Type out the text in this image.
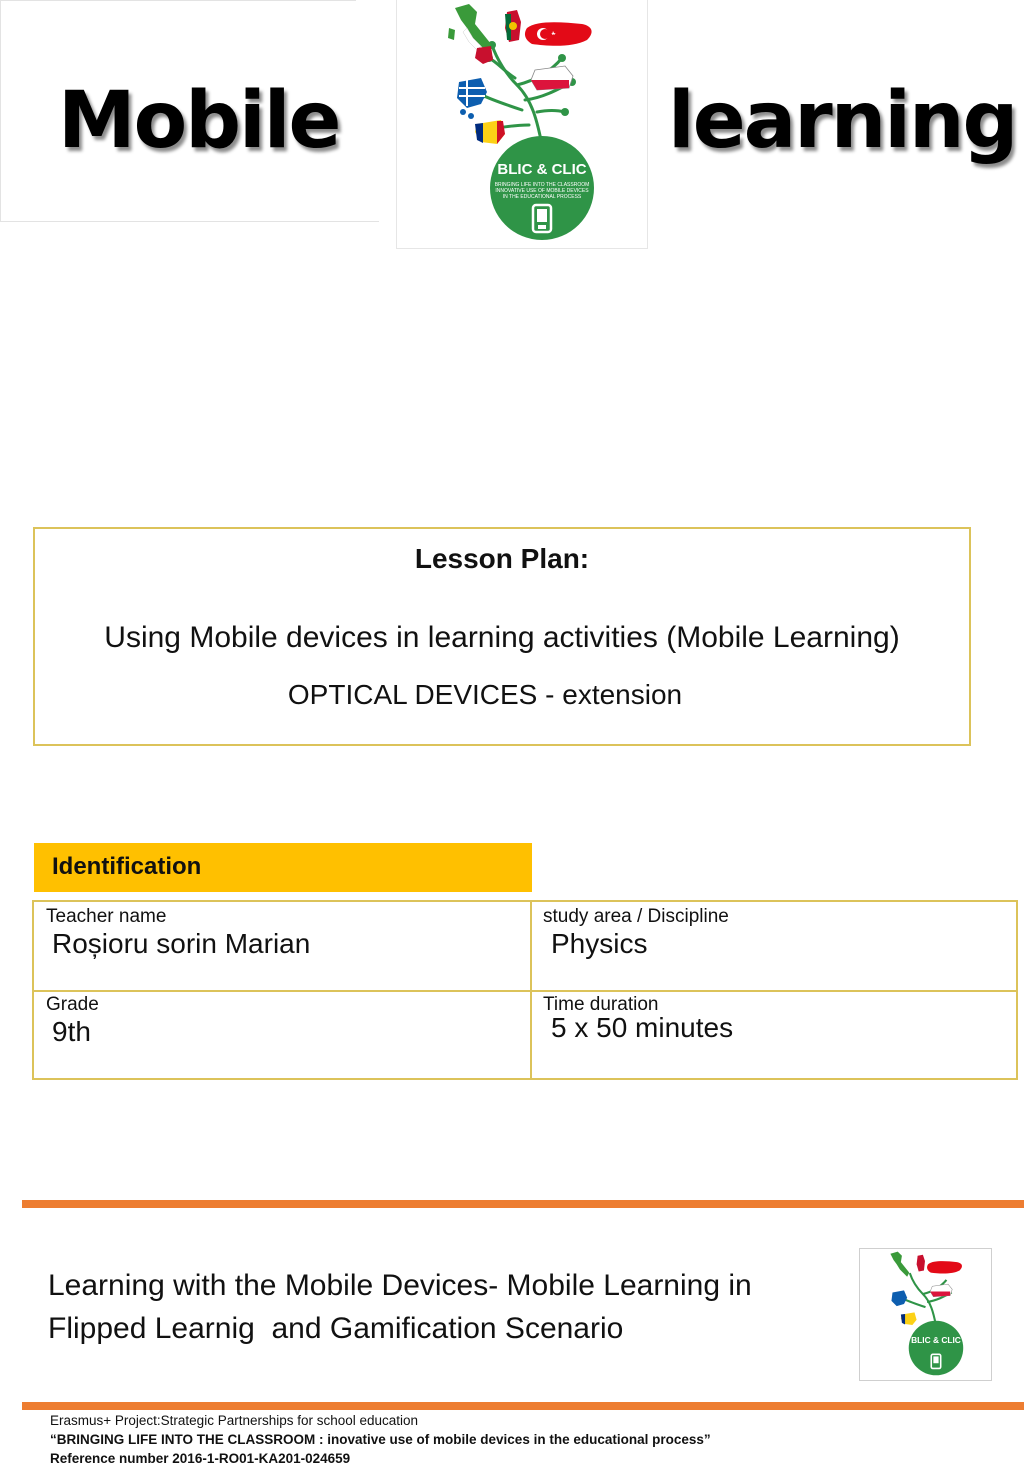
Mobile	learning
BLIC & CLIC
BRINGING LIFE INTO THE CLASSROOM
INNOVATIVE USE OF MOBILE DEVICES
IN THE EDUCATIONAL PROCESS
Lesson Plan:
Using Mobile devices in learning activities (Mobile Learning)
OPTICAL DEVICES - extension
Identification
Teacher name
Roșioru sorin Marian
study area / Discipline
Physics
Grade
9th
Time duration
5 x 50 minutes
Learning with the Mobile Devices- Mobile Learning in
Flipped Learnig  and Gamification Scenario	BLIC & CLIC
Erasmus+ Project:Strategic Partnerships for school education
“BRINGING LIFE INTO THE CLASSROOM : inovative use of mobile devices in the educational process”
Reference number 2016-1-RO01-KA201-024659
